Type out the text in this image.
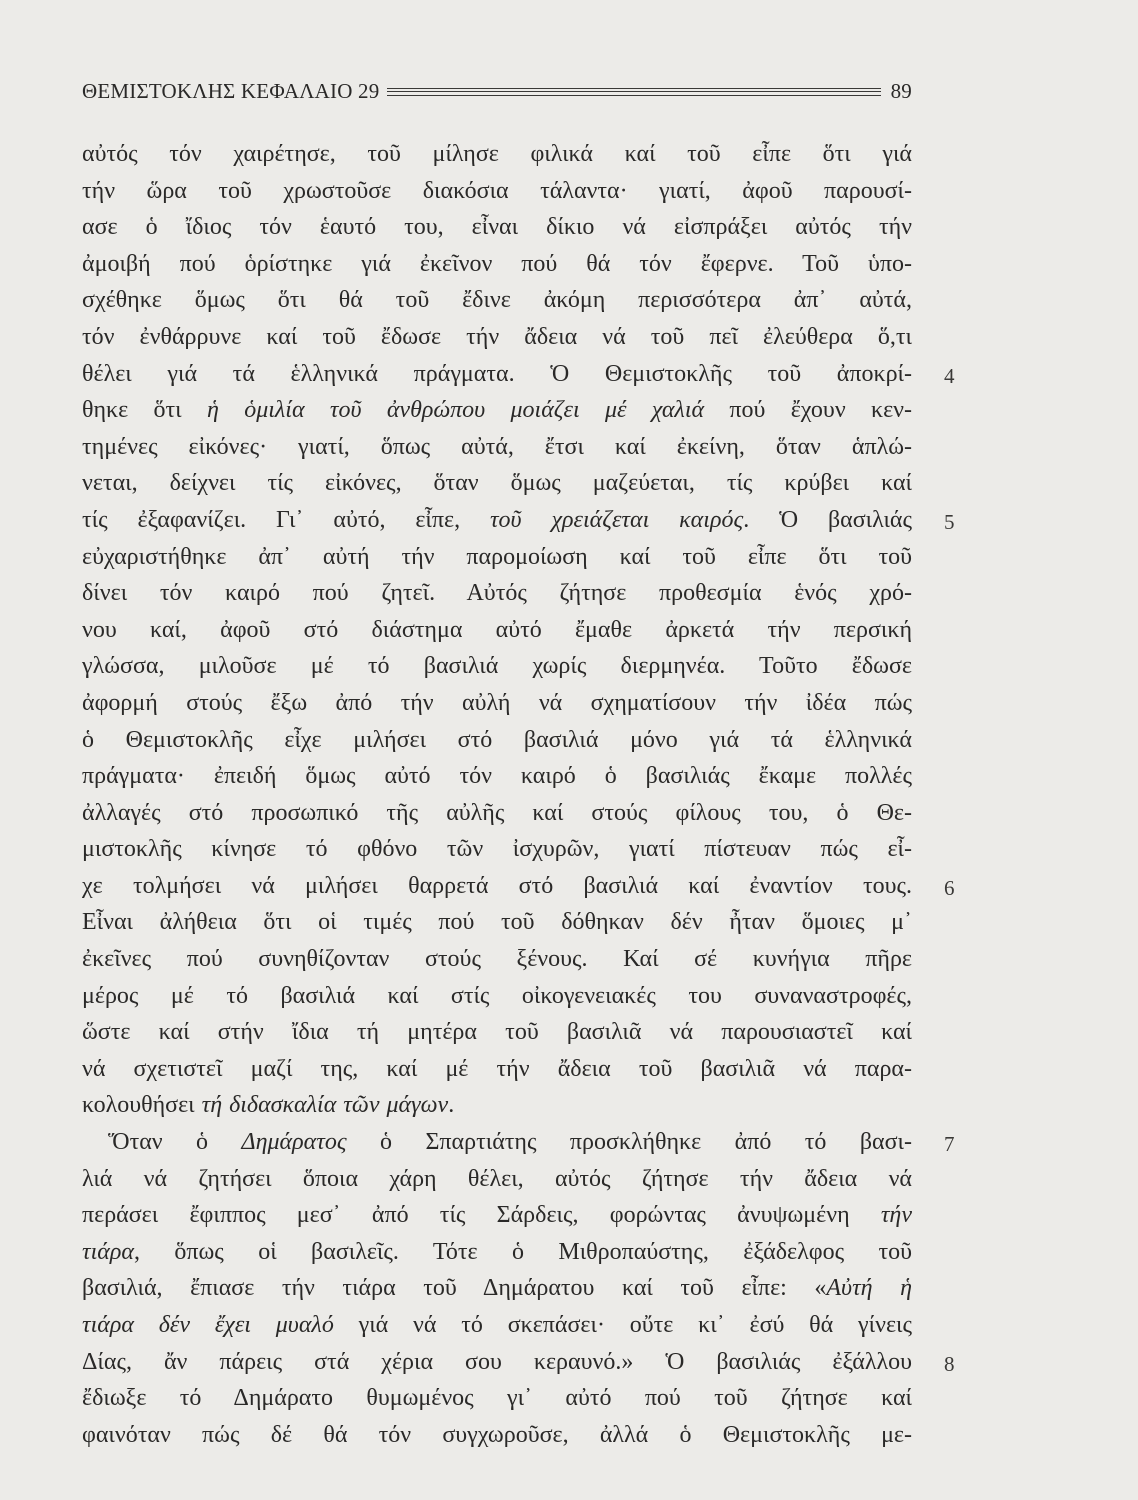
ΘΕΜΙΣΤΟΚΛΗΣ ΚΕΦΑΛΑΙΟ 29	89
αὐτός τόν χαιρέτησε, τοῦ μίλησε φιλικά καί τοῦ εἶπε ὅτι γιά
τήν ὥρα τοῦ χρωστοῦσε διακόσια τάλαντα· γιατί, ἀφοῦ παρουσί-
ασε ὁ ἴδιος τόν ἑαυτό του, εἶναι δίκιο νά εἰσπράξει αὐτός τήν
ἀμοιβή πού ὁρίστηκε γιά ἐκεῖνον πού θά τόν ἔφερνε. Τοῦ ὑπο-
σχέθηκε ὅμως ὅτι θά τοῦ ἔδινε ἀκόμη περισσότερα ἀπ᾽ αὐτά,
τόν ἐνθάρρυνε καί τοῦ ἔδωσε τήν ἄδεια νά τοῦ πεῖ ἐλεύθερα ὅ,τι
θέλει γιά τά ἑλληνικά πράγματα. Ὁ Θεμιστοκλῆς τοῦ ἀποκρί-
θηκε ὅτι ἡ ὁμιλία τοῦ ἀνθρώπου μοιάζει μέ χαλιά πού ἔχουν κεν-
τημένες εἰκόνες· γιατί, ὅπως αὐτά, ἔτσι καί ἐκείνη, ὅταν ἁπλώ-
νεται, δείχνει τίς εἰκόνες, ὅταν ὅμως μαζεύεται, τίς κρύβει καί
τίς ἐξαφανίζει. Γι᾽ αὐτό, εἶπε, τοῦ χρειάζεται καιρός. Ὁ βασιλιάς
εὐχαριστήθηκε ἀπ᾽ αὐτή τήν παρομοίωση καί τοῦ εἶπε ὅτι τοῦ
δίνει τόν καιρό πού ζητεῖ. Αὐτός ζήτησε προθεσμία ἑνός χρό-
νου καί, ἀφοῦ στό διάστημα αὐτό ἔμαθε ἀρκετά τήν περσική
γλώσσα, μιλοῦσε μέ τό βασιλιά χωρίς διερμηνέα. Τοῦτο ἔδωσε
ἀφορμή στούς ἔξω ἀπό τήν αὐλή νά σχηματίσουν τήν ἰδέα πώς
ὁ Θεμιστοκλῆς εἶχε μιλήσει στό βασιλιά μόνο γιά τά ἑλληνικά
πράγματα· ἐπειδή ὅμως αὐτό τόν καιρό ὁ βασιλιάς ἔκαμε πολλές
ἀλλαγές στό προσωπικό τῆς αὐλῆς καί στούς φίλους του, ὁ Θε-
μιστοκλῆς κίνησε τό φθόνο τῶν ἰσχυρῶν, γιατί πίστευαν πώς εἶ-
χε τολμήσει νά μιλήσει θαρρετά στό βασιλιά καί ἐναντίον τους.
Εἶναι ἀλήθεια ὅτι οἱ τιμές πού τοῦ δόθηκαν δέν ἦταν ὅμοιες μ᾽
ἐκεῖνες πού συνηθίζονταν στούς ξένους. Καί σέ κυνήγια πῆρε
μέρος μέ τό βασιλιά καί στίς οἰκογενειακές του συναναστροφές,
ὥστε καί στήν ἴδια τή μητέρα τοῦ βασιλιᾶ νά παρουσιαστεῖ καί
νά σχετιστεῖ μαζί της, καί μέ τήν ἄδεια τοῦ βασιλιᾶ νά παρα-
κολουθήσει τή διδασκαλία τῶν μάγων.
Ὅταν ὁ Δημάρατος ὁ Σπαρτιάτης προσκλήθηκε ἀπό τό βασι-
λιά νά ζητήσει ὅποια χάρη θέλει, αὐτός ζήτησε τήν ἄδεια νά
περάσει ἔφιππος μεσ᾽ ἀπό τίς Σάρδεις, φορώντας ἀνυψωμένη τήν
τιάρα, ὅπως οἱ βασιλεῖς. Τότε ὁ Μιθροπαύστης, ἐξάδελφος τοῦ
βασιλιά, ἔπιασε τήν τιάρα τοῦ Δημάρατου καί τοῦ εἶπε: «Αὐτή ἡ
τιάρα δέν ἔχει μυαλό γιά νά τό σκεπάσει· οὔτε κι᾽ ἐσύ θά γίνεις
Δίας, ἄν πάρεις στά χέρια σου κεραυνό.» Ὁ βασιλιάς ἐξάλλου
ἔδιωξε τό Δημάρατο θυμωμένος γι᾽ αὐτό πού τοῦ ζήτησε καί
φαινόταν πώς δέ θά τόν συγχωροῦσε, ἀλλά ὁ Θεμιστοκλῆς με-
4
5
6
7
8
